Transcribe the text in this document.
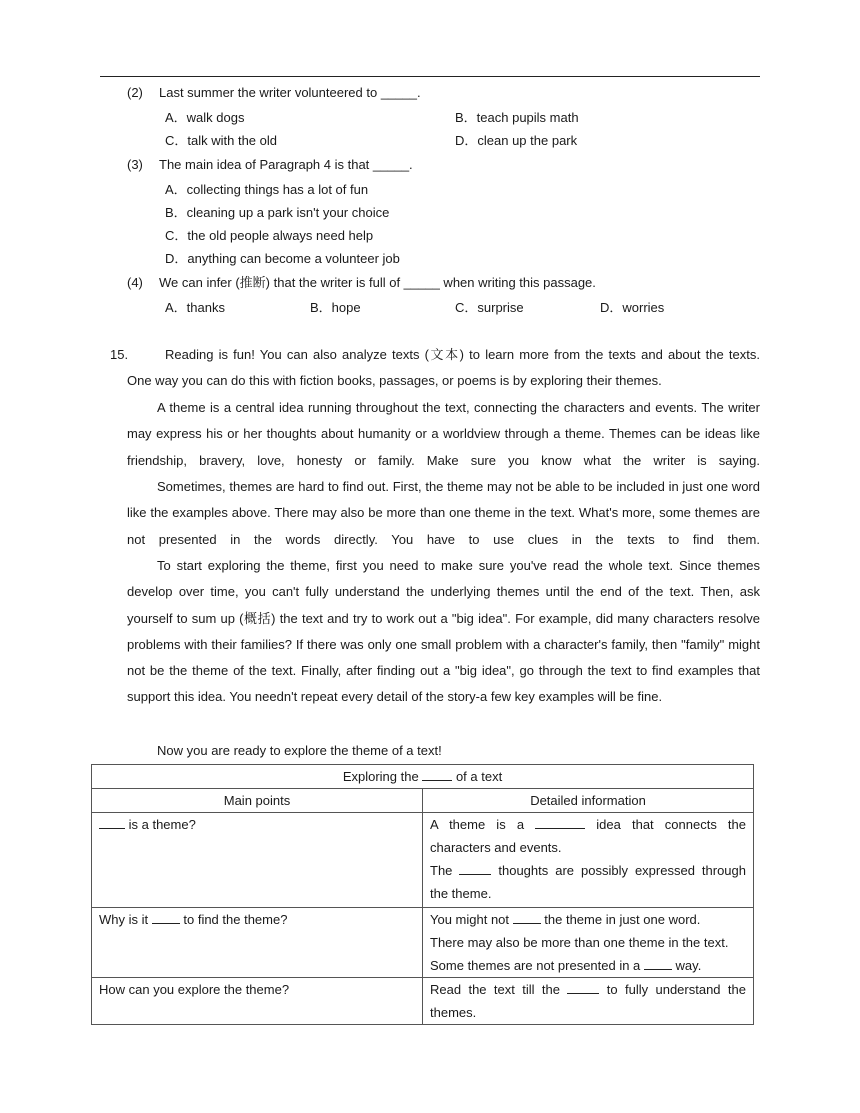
(2) Last summer the writer volunteered to _____.
A．walk dogs	B．teach pupils math
C．talk with the old	D．clean up the park
(3) The main idea of Paragraph 4 is that _____.
A．collecting things has a lot of fun
B．cleaning up a park isn't your choice
C．the old people always need help
D．anything can become a volunteer job
(4) We can infer (推断) that the writer is full of _____ when writing this passage.
A．thanks	B．hope	C．surprise	D．worries
15.	Reading is fun! You can also analyze texts (文本) to learn more from the texts and about the texts.
One way you can do this with fiction books, passages, or poems is by exploring their themes.
A theme is a central idea running throughout the text, connecting the characters and events. The writer may express his or her thoughts about humanity or a worldview through a theme. Themes can be ideas like friendship, bravery, love, honesty or family. Make sure you know what the writer is saying.
Sometimes, themes are hard to find out. First, the theme may not be able to be included in just one word like the examples above. There may also be more than one theme in the text. What's more, some themes are not presented in the words directly. You have to use clues in the texts to find them.
To start exploring the theme, first you need to make sure you've read the whole text. Since themes develop over time, you can't fully understand the underlying themes until the end of the text. Then, ask yourself to sum up (概括) the text and try to work out a "big idea". For example, did many characters resolve problems with their families? If there was only one small problem with a character's family, then "family" might not be the theme of the text. Finally, after finding out a "big idea", go through the text to find examples that support this idea. You needn't repeat every detail of the story-a few key examples will be fine.
Now you are ready to explore the theme of a text!
Exploring the of a text	
Main points	Detailed information
is a theme?	A theme is a idea that connects the
characters and events.
The thoughts are possibly expressed through
the theme.

Why is it to find the theme?	You might not the theme in just one word.
There may also be more than one theme in the text.
Some themes are not presented in a way.

How can you explore the theme?	Read the text till the to fully understand the
themes.
